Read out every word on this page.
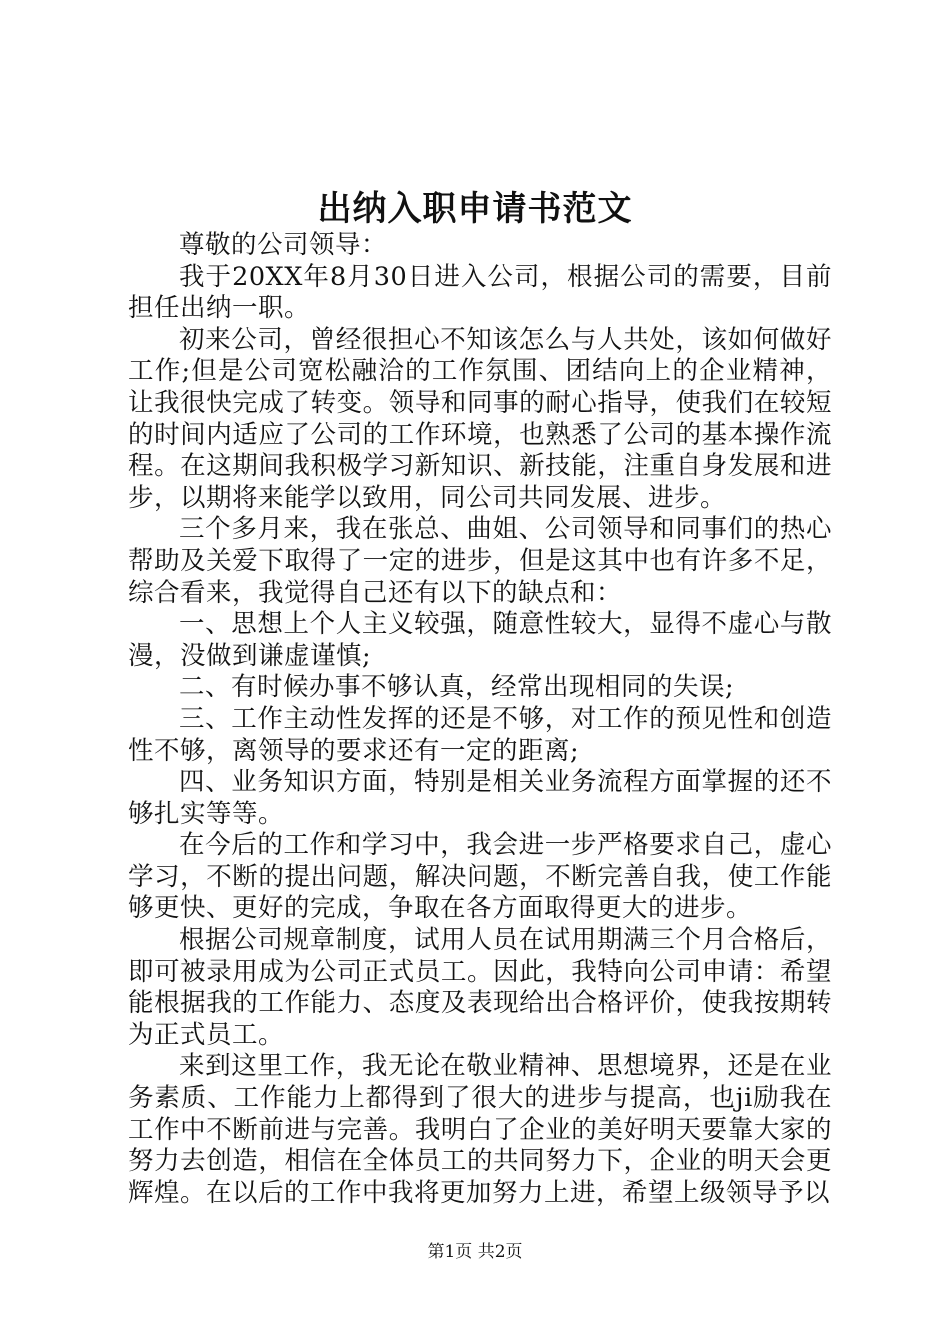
出纳入职申请书范文

尊敬的公司领导：

我于20XX年8月30日进入公司，根据公司的需要，目前担任出纳一职。

初来公司，曾经很担心不知该怎么与人共处，该如何做好工作;但是公司宽松融洽的工作氛围、团结向上的企业精神，让我很快完成了转变。领导和同事的耐心指导，使我们在较短的时间内适应了公司的工作环境，也熟悉了公司的基本操作流程。在这期间我积极学习新知识、新技能，注重自身发展和进步，以期将来能学以致用，同公司共同发展、进步。

三个多月来，我在张总、曲姐、公司领导和同事们的热心帮助及关爱下取得了一定的进步，但是这其中也有许多不足，综合看来，我觉得自己还有以下的缺点和：

一、思想上个人主义较强，随意性较大，显得不虚心与散漫，没做到谦虚谨慎;

二、有时候办事不够认真，经常出现相同的失误;

三、工作主动性发挥的还是不够，对工作的预见性和创造性不够，离领导的要求还有一定的距离;

四、业务知识方面，特别是相关业务流程方面掌握的还不够扎实等等。

在今后的工作和学习中，我会进一步严格要求自己，虚心学习，不断的提出问题，解决问题，不断完善自我，使工作能够更快、更好的完成，争取在各方面取得更大的进步。

根据公司规章制度，试用人员在试用期满三个月合格后，即可被录用成为公司正式员工。因此，我特向公司申请：希望能根据我的工作能力、态度及表现给出合格评价，使我按期转为正式员工。

来到这里工作，我无论在敬业精神、思想境界，还是在业务素质、工作能力上都得到了很大的进步与提高，也ji励我在工作中不断前进与完善。我明白了企业的美好明天要靠大家的努力去创造，相信在全体员工的共同努力下，企业的明天会更辉煌。在以后的工作中我将更加努力上进，希望上级领导予以

第1页 共2页
